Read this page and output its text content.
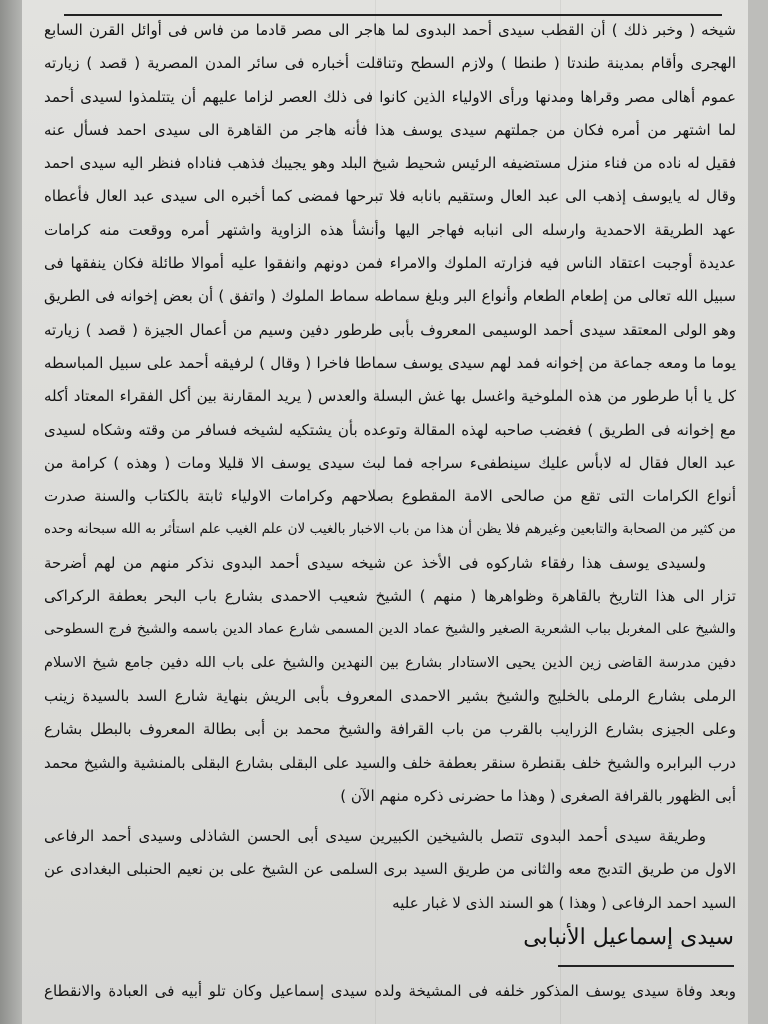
شيخه ( وخبر ذلك ) أن القطب سيدى أحمد البدوى لما هاجر الى مصر قادما من فاس فى أوائل القرن السابع
الهجرى وأقام بمدينة طندتا ( طنطا ) ولازم السطح وتناقلت أخباره فى سائر المدن المصرية ( قصد ) زيارته
عموم أهالى مصر وقراها ومدنها ورأى الاولياء الذين كانوا فى ذلك العصر لزاما عليهم أن يتتلمذوا لسيدى أحمد
لما اشتهر من أمره فكان من جملتهم سيدى يوسف هذا فأنه هاجر من القاهرة الى سيدى احمد فسأل عنه
فقيل له ناده من فناء منزل مستضيفه الرئيس شحيط شيخ البلد وهو يجيبك فذهب فناداه فنظر اليه سيدى احمد
وقال له يايوسف إذهب الى عبد العال وستقيم بانابه فلا تبرحها فمضى كما أخبره الى سيدى عبد العال فأعطاه
عهد الطريقة الاحمدية وارسله الى انبابه فهاجر اليها وأنشأ هذه الزاوية واشتهر أمره ووقعت منه كرامات
عديدة أوجبت اعتقاد الناس فيه فزارته الملوك والامراء فمن دونهم وانفقوا عليه أموالا طائلة فكان ينفقها فى
سبيل الله تعالى من إطعام الطعام وأنواع البر وبلغ سماطه سماط الملوك ( واتفق ) أن بعض إخوانه فى الطريق
وهو الولى المعتقد سيدى أحمد الوسيمى المعروف بأبى طرطور دفين وسيم من أعمال الجيزة ( قصد ) زيارته
يوما ما ومعه جماعة من إخوانه فمد لهم سيدى يوسف سماطا فاخرا ( وقال ) لرفيقه أحمد على سبيل المباسطه
كل يا أبا طرطور من هذه الملوخية واغسل بها غش البسلة والعدس ( يريد المقارنة بين أكل الفقراء المعتاد أكله
مع إخوانه فى الطريق ) فغضب صاحبه لهذه المقالة وتوعده بأن يشتكيه لشيخه فسافر من وقته وشكاه لسيدى
عبد العال فقال له لابأس عليك سينطفىء سراجه فما لبث سيدى يوسف الا قليلا ومات ( وهذه ) كرامة من
أنواع الكرامات التى تقع من صالحى الامة المقطوع بصلاحهم وكرامات الاولياء ثابتة بالكتاب والسنة صدرت
من كثير من الصحابة والتابعين وغيرهم فلا يظن أن هذا من باب الاخبار بالغيب لان علم الغيب علم استأثر به الله سبحانه وحده
ولسيدى يوسف هذا رفقاء شاركوه فى الأخذ عن شيخه سيدى أحمد البدوى نذكر منهم من لهم أضرحة
تزار الى هذا التاريخ بالقاهرة وظواهرها ( منهم ) الشيخ شعيب الاحمدى بشارع باب البحر بعطفة الركراكى
والشيخ على المغربل بباب الشعرية الصغير والشيخ عماد الدين المسمى شارع عماد الدين باسمه والشيخ فرج السطوحى
دفين مدرسة القاضى زين الدين يحيى الاستادار بشارع بين النهدين والشيخ على باب الله دفين جامع شيخ الاسلام
الرملى بشارع الرملى بالخليج والشيخ بشير الاحمدى المعروف بأبى الريش بنهاية شارع السد بالسيدة زينب
وعلى الجيزى بشارع الزرايب بالقرب من باب القرافة والشيخ محمد بن أبى بطالة المعروف بالبطل بشارع
درب البرابره والشيخ خلف بقنطرة سنقر بعطفة خلف والسيد على البقلى بشارع البقلى بالمنشية والشيخ محمد
أبى الظهور بالقرافة الصغرى ( وهذا ما حضرنى ذكره منهم الآن )
وطريقة سيدى أحمد البدوى تتصل بالشيخين الكبيرين سيدى أبى الحسن الشاذلى وسيدى أحمد الرفاعى
الاول من طريق التدبج معه والثانى من طريق السيد برى السلمى عن الشيخ على بن نعيم الحنبلى البغدادى عن
السيد احمد الرفاعى ( وهذا ) هو السند الذى لا غبار عليه
سيدى إسماعيل الأنبابى
وبعد وفاة سيدى يوسف المذكور خلفه فى المشيخة ولده سيدى إسماعيل وكان تلو أبيه فى العبادة والانقطاع
